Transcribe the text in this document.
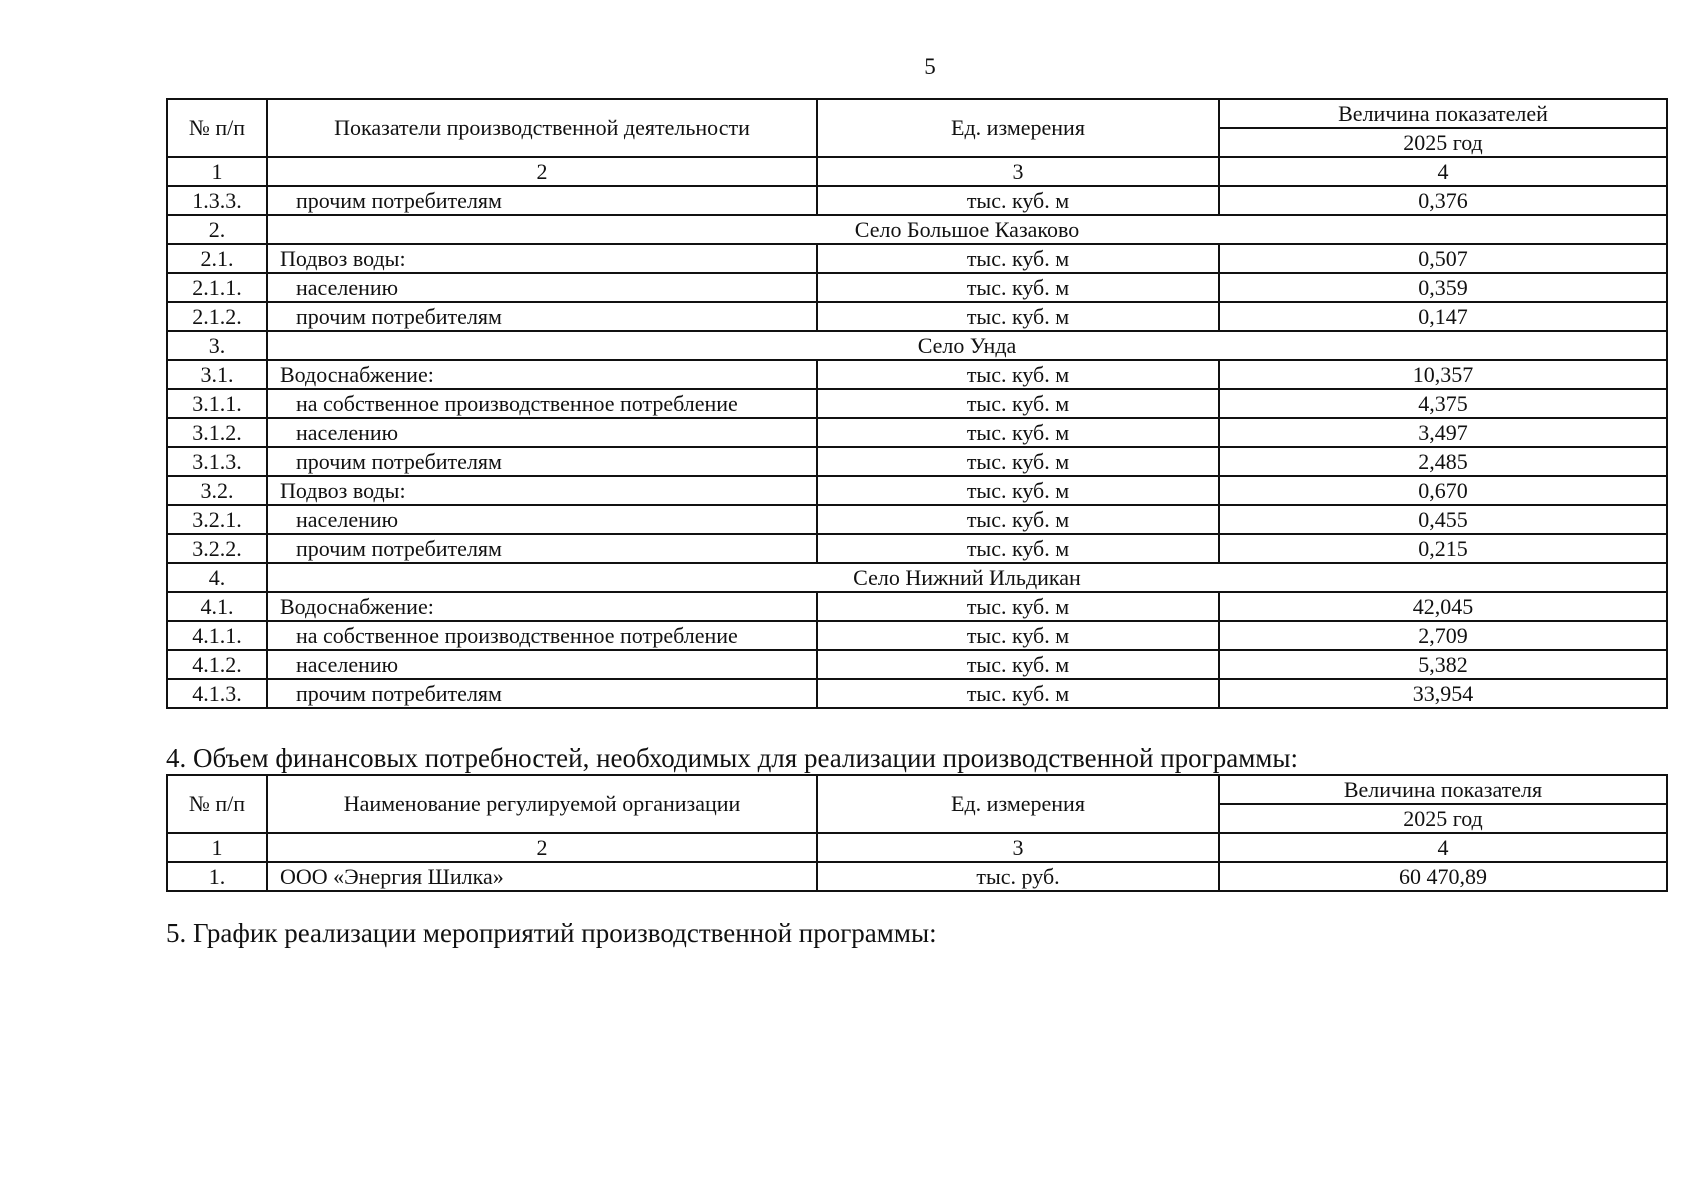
5
№ п/п	Показатели производственной деятельности	Ед. измерения	Величина показателей
			2025 год
1	2	3	4
1.3.3.	прочим потребителям	тыс. куб. м	0,376
2.	Село Большое Казаково		
2.1.	Подвоз воды:	тыс. куб. м	0,507
2.1.1.	населению	тыс. куб. м	0,359
2.1.2.	прочим потребителям	тыс. куб. м	0,147
3.	Село Унда		
3.1.	Водоснабжение:	тыс. куб. м	10,357
3.1.1.	на собственное производственное потребление	тыс. куб. м	4,375
3.1.2.	населению	тыс. куб. м	3,497
3.1.3.	прочим потребителям	тыс. куб. м	2,485
3.2.	Подвоз воды:	тыс. куб. м	0,670
3.2.1.	населению	тыс. куб. м	0,455
3.2.2.	прочим потребителям	тыс. куб. м	0,215
4.	Село Нижний Ильдикан		
4.1.	Водоснабжение:	тыс. куб. м	42,045
4.1.1.	на собственное производственное потребление	тыс. куб. м	2,709
4.1.2.	населению	тыс. куб. м	5,382
4.1.3.	прочим потребителям	тыс. куб. м	33,954
4. Объем финансовых потребностей, необходимых для реализации производственной программы:
№ п/п	Наименование регулируемой организации	Ед. измерения	Величина показателя
			2025 год
1	2	3	4
1.	ООО «Энергия Шилка»	тыс. руб.	60 470,89
5. График реализации мероприятий производственной программы:
